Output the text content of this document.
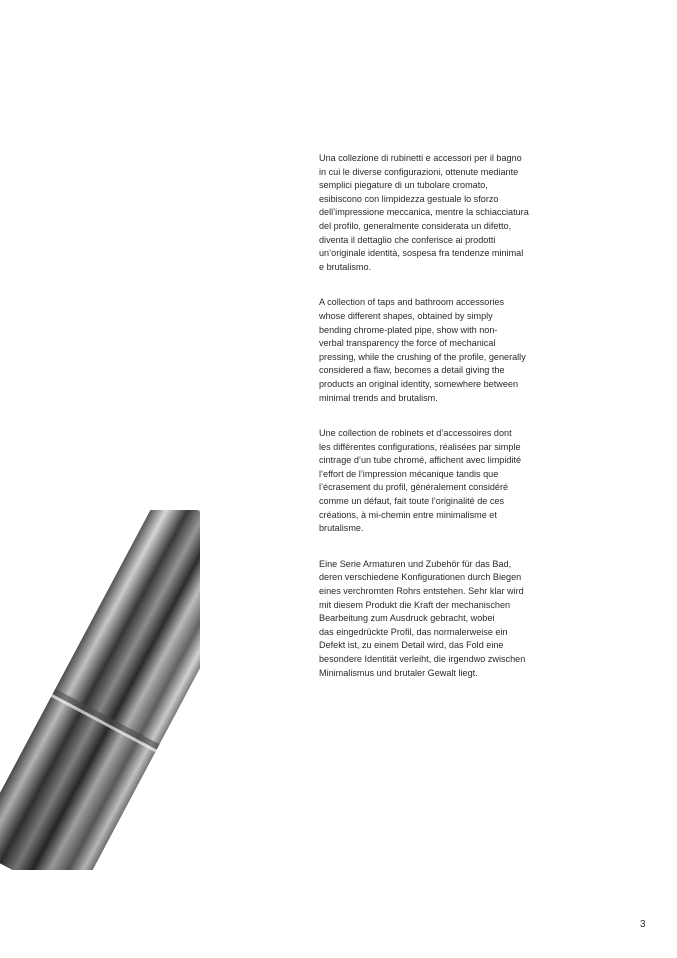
Una collezione di rubinetti e accessori per il bagno
in cui le diverse configurazioni, ottenute mediante
semplici piegature di un tubolare cromato,
esibiscono con limpidezza gestuale lo sforzo
dell’impressione meccanica, mentre la schiacciatura
del profilo, generalmente considerata un difetto,
diventa il dettaglio che conferisce ai prodotti
un’originale identità, sospesa fra tendenze minimal
e brutalismo.

A collection of taps and bathroom accessories
whose different shapes, obtained by simply
bending chrome-plated pipe, show with non-
verbal transparency the force of mechanical
pressing, while the crushing of the profile, generally
considered a flaw, becomes a detail giving the
products an original identity, somewhere between
minimal trends and brutalism.

Une collection de robinets et d’accessoires dont
les différentes configurations, réalisées par simple
cintrage d’un tube chromé, affichent avec limpidité
l’effort de l’impression mécanique tandis que
l’écrasement du profil, généralement considéré
comme un défaut, fait toute l’originalité de ces
créations, à mi-chemin entre minimalisme et
brutalisme.

Eine Serie Armaturen und Zubehör für das Bad,
deren verschiedene Konfigurationen durch Biegen
eines verchromten Rohrs entstehen. Sehr klar wird
mit diesem Produkt die Kraft der mechanischen
Bearbeitung zum Ausdruck gebracht, wobei
das eingedrückte Profil, das normalerweise ein
Defekt ist, zu einem Detail wird, das Fold eine
besondere Identität verleiht, die irgendwo zwischen
Minimalismus und brutaler Gewalt liegt.

3
